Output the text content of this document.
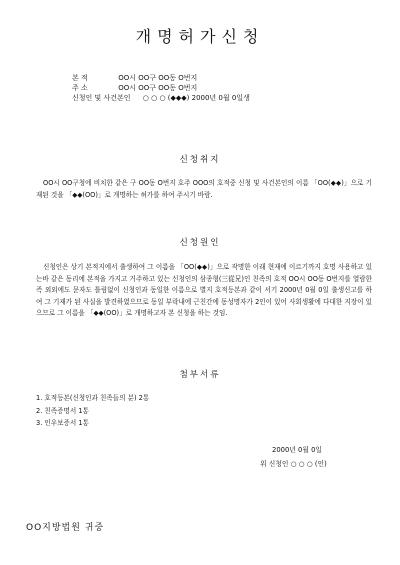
개명허가신청
본 적	OO시 OO구 OO동 O번지
주 소	OO시 OO구 OO동 O번지
신청인 및 사건본인 ○ ○ ○ (◆◆◆) 2000년 0월 0일생
신청취지

OO시 OO구청에 비치한 같은 구 OO동 O번지 호주 OOO의 호적중 신청 및 사건본인의 이름 「OO(◆◆)」으로 기재된 것을 「◆◆(OO)」로 개명하는 허가를 하여 주시기 바람.

신청원인

신청인은 상기 본적지에서 출생하여 그 이름을 「OO(◆◆)」으로 작명한 이래 현재에 이르기까지 호명 사용하고 있는바 같은 동리에 본적을 가지고 거주하고 있는 신청인의 삼종형(三從兄)인 친족의 호적 OO시 OO동 O번지를 열람한즉 외외에도 문자도 틀림없이 신청인과 동일한 이름으로 별지 호적등본과 같이 서기 2000년 0월 0일 출생신고를 하여 그 기재가 된 사실을 발견하였으므로 동일 부락내에 근친간에 동성명자가 2인이 있어 사회생활에 다대한 지장이 있으므로 그 이름을 「◆◆(OO)」로 개명하고자 본 신청을 하는 것임.

첨부서류
1. 호적등본(신청인과 친족들의 분) 2통
2. 친족증명서 1통
3. 인우보증서 1통
2000년 0월 0일
위 신청인 ○ ○ ○ (인)
OO지방법원 귀중
